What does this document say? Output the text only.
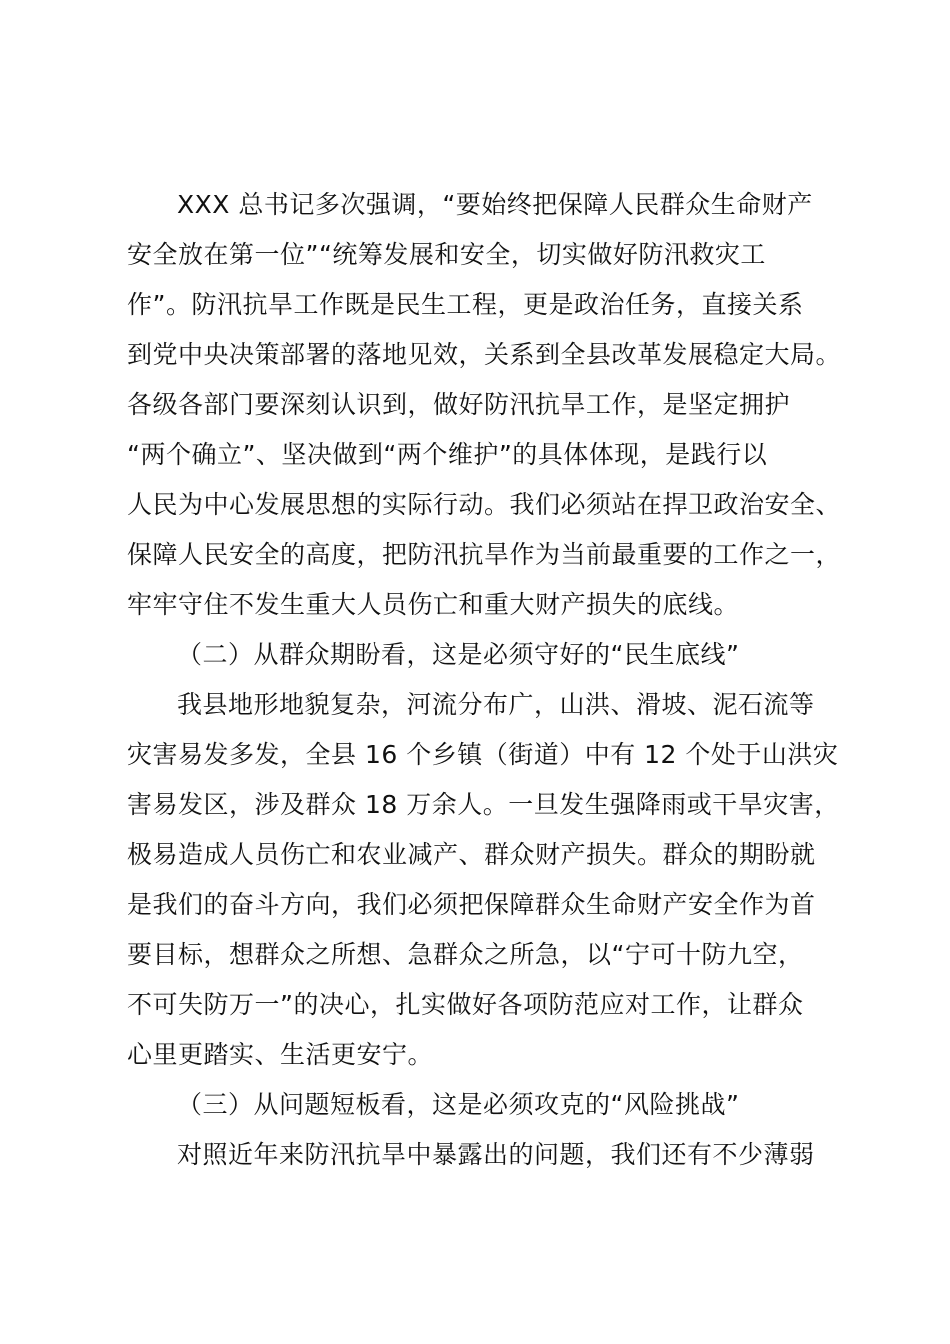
XXX 总书记多次强调，“要始终把保障人民群众生命财产
安全放在第一位”“统筹发展和安全，切实做好防汛救灾工
作”。防汛抗旱工作既是民生工程，更是政治任务，直接关系
到党中央决策部署的落地见效，关系到全县改革发展稳定大局。
各级各部门要深刻认识到，做好防汛抗旱工作，是坚定拥护
“两个确立”、坚决做到“两个维护”的具体体现，是践行以
人民为中心发展思想的实际行动。我们必须站在捍卫政治安全、
保障人民安全的高度，把防汛抗旱作为当前最重要的工作之一，
牢牢守住不发生重大人员伤亡和重大财产损失的底线。
（二）从群众期盼看，这是必须守好的“民生底线”
我县地形地貌复杂，河流分布广，山洪、滑坡、泥石流等
灾害易发多发，全县 16 个乡镇（街道）中有 12 个处于山洪灾
害易发区，涉及群众 18 万余人。一旦发生强降雨或干旱灾害，
极易造成人员伤亡和农业减产、群众财产损失。群众的期盼就
是我们的奋斗方向，我们必须把保障群众生命财产安全作为首
要目标，想群众之所想、急群众之所急，以“宁可十防九空，
不可失防万一”的决心，扎实做好各项防范应对工作，让群众
心里更踏实、生活更安宁。
（三）从问题短板看，这是必须攻克的“风险挑战”
对照近年来防汛抗旱中暴露出的问题，我们还有不少薄弱
